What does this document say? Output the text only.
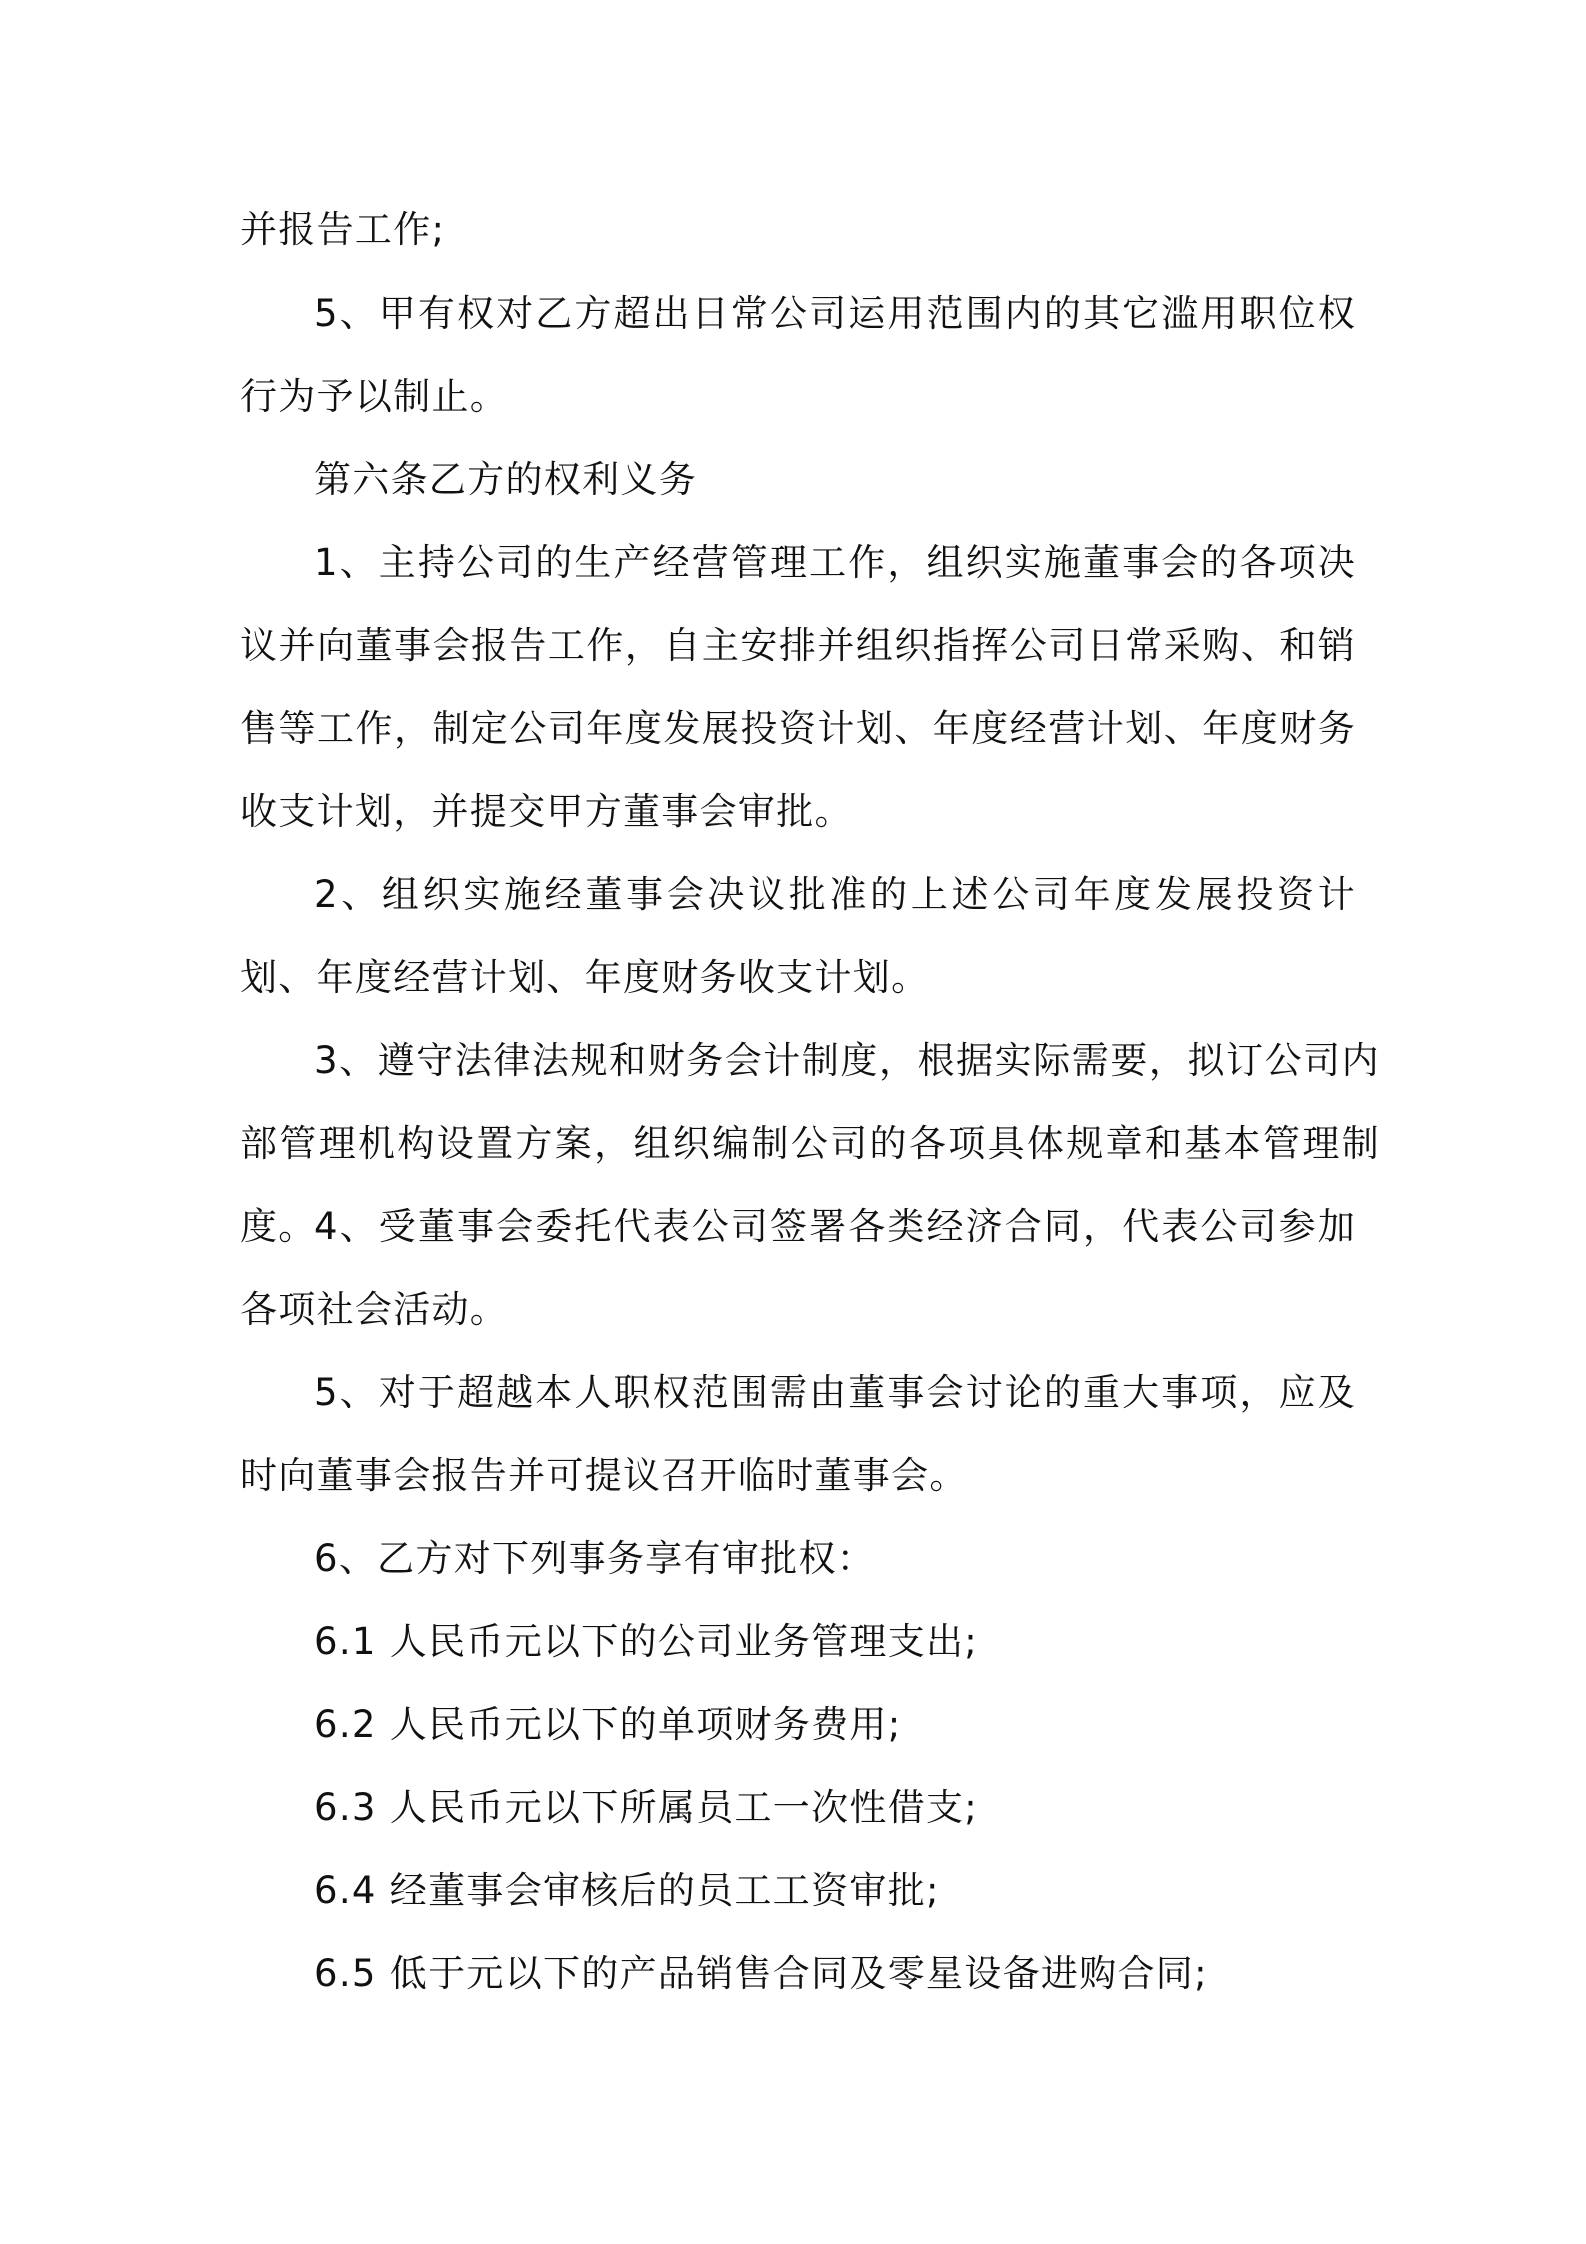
并报告工作;

5、甲有权对乙方超出日常公司运用范围内的其它滥用职位权行为予以制止。

第六条乙方的权利义务

1、主持公司的生产经营管理工作，组织实施董事会的各项决议并向董事会报告工作，自主安排并组织指挥公司日常采购、和销售等工作，制定公司年度发展投资计划、年度经营计划、年度财务收支计划，并提交甲方董事会审批。

2、组织实施经董事会决议批准的上述公司年度发展投资计划、年度经营计划、年度财务收支计划。

3、遵守法律法规和财务会计制度，根据实际需要，拟订公司内部管理机构设置方案，组织编制公司的各项具体规章和基本管理制度。

4、受董事会委托代表公司签署各类经济合同，代表公司参加各项社会活动。

5、对于超越本人职权范围需由董事会讨论的重大事项，应及时向董事会报告并可提议召开临时董事会。

6、乙方对下列事务享有审批权：

6.1 人民币元以下的公司业务管理支出;

6.2 人民币元以下的单项财务费用;

6.3 人民币元以下所属员工一次性借支;

6.4 经董事会审核后的员工工资审批;

6.5 低于元以下的产品销售合同及零星设备进购合同;
